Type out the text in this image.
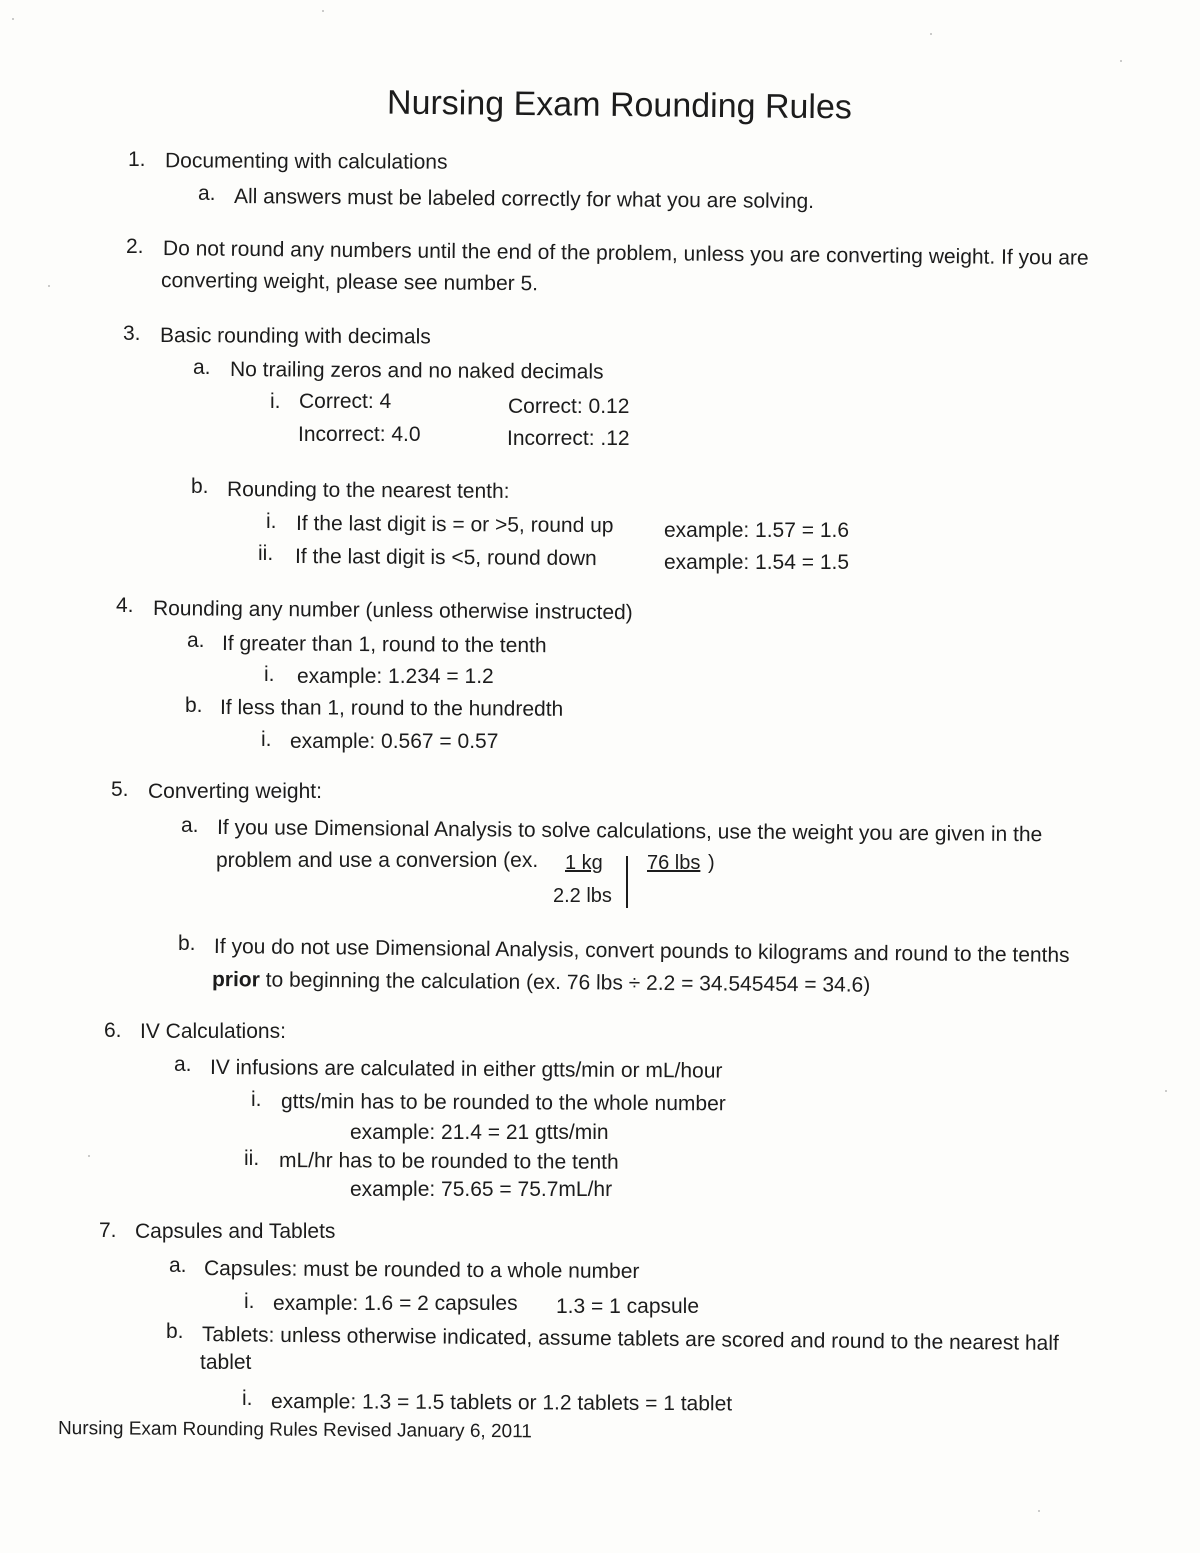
Nursing Exam Rounding Rules
1. Documenting with calculations
a. All answers must be labeled correctly for what you are solving.
2. Do not round any numbers until the end of the problem, unless you are converting weight. If you are
converting weight, please see number 5.
3. Basic rounding with decimals
a. No trailing zeros and no naked decimals
i. Correct: 4	Correct: 0.12
Incorrect: 4.0	Incorrect: .12
b. Rounding to the nearest tenth:
i. If the last digit is = or >5, round up example: 1.57 = 1.6
ii. If the last digit is <5, round down	example: 1.54 = 1.5
4. Rounding any number (unless otherwise instructed)
a. If greater than 1, round to the tenth
i. example: 1.234 = 1.2
b. If less than 1, round to the hundredth
i. example: 0.567 = 0.57
5. Converting weight:
a. If you use Dimensional Analysis to solve calculations, use the weight you are given in the
problem and use a conversion (ex. 1 kg 76 lbs )
2.2 lbs
b. If you do not use Dimensional Analysis, convert pounds to kilograms and round to the tenths
prior to beginning the calculation (ex. 76 lbs ÷ 2.2 = 34.545454 = 34.6)
6. IV Calculations:
a. IV infusions are calculated in either gtts/min or mL/hour
i. gtts/min has to be rounded to the whole number
example: 21.4 = 21 gtts/min
ii. mL/hr has to be rounded to the tenth
example: 75.65 = 75.7mL/hr
7. Capsules and Tablets
a. Capsules: must be rounded to a whole number
i. example: 1.6 = 2 capsules 1.3 = 1 capsule
b. Tablets: unless otherwise indicated, assume tablets are scored and round to the nearest half
tablet
i. example: 1.3 = 1.5 tablets or 1.2 tablets = 1 tablet
Nursing Exam Rounding Rules Revised January 6, 2011
